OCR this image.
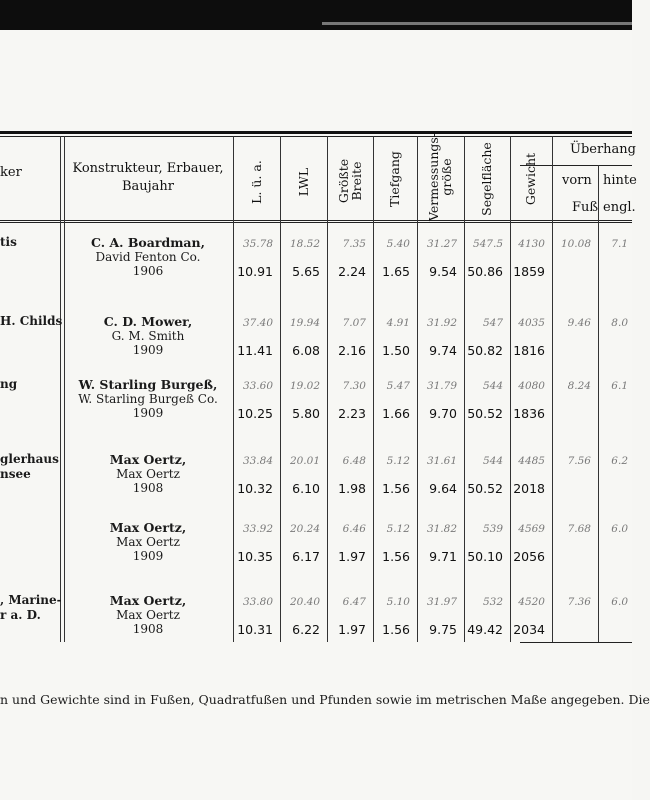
ker	Konstrukteur, Erbauer,
Baujahr	L. ü. a.	LWL Größte
Breite Tiefgang Vermessungs-
größe Segelfläche Gewicht
Überhang
vorn hinte
Fuß engl.
tis	C. A. Boardman,
David Fenton Co.
1906
35.78 18.52 7.35 5.40 31.27 547.5 4130 10.08 7.1
10.91 5.65 2.24 1.65 9.54 50.86 1859
H. Childs	C. D. Mower,
G. M. Smith
1909
37.40 19.94 7.07 4.91 31.92 547 4035 9.46 8.0
11.41 6.08 2.16 1.50 9.74 50.82 1816
ng	W. Starling Burgeß,
W. Starling Burgeß Co.
1909
33.60 19.02 7.30 5.47 31.79 544 4080 8.24 6.1
10.25 5.80 2.23 1.66 9.70 50.52 1836
glerhaus
nsee
Max Oertz,
Max Oertz
1908
33.84 20.01 6.48 5.12 31.61 544 4485 7.56 6.2
10.32 6.10 1.98 1.56 9.64 50.52 2018
Max Oertz,
Max Oertz
1909
33.92 20.24 6.46 5.12 31.82 539 4569 7.68 6.0
10.35 6.17 1.97 1.56 9.71 50.10 2056
, Marine-
r a. D.
Max Oertz,
Max Oertz
1908
33.80 20.40 6.47 5.10 31.97 532 4520 7.36 6.0
10.31 6.22 1.97 1.56 9.75 49.42 2034
n und Gewichte sind in Fußen, Quadratfußen und Pfunden sowie im metrischen Maße angegeben. Die
